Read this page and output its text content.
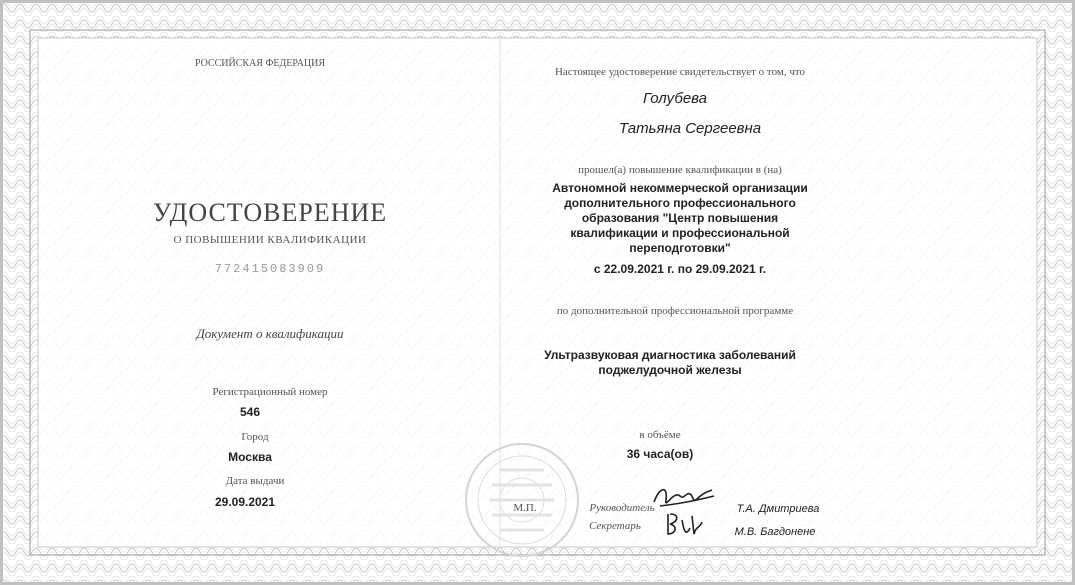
РОССИЙСКАЯ ФЕДЕРАЦИЯ
УДОСТОВЕРЕНИЕ
О ПОВЫШЕНИИ КВАЛИФИКАЦИИ
772415083909
Документ о квалификации
Регистрационный номер
546
Город
Москва
Дата выдачи
29.09.2021
Настоящее удостоверение свидетельствует о том, что
Голубева
Татьяна Сергеевна
прошел(а) повышение квалификации в (на)
Автономной некоммерческой организации
дополнительного профессионального
образования "Центр повышения
квалификации и профессиональной
переподготовки"
с 22.09.2021 г. по 29.09.2021 г.
по дополнительной профессиональной программе
Ультразвуковая диагностика заболеваний
поджелудочной железы
в объёме
36 часа(ов)
М.П.	Руководитель
Секретарь
Т.А. Дмитриева
М.В. Багдонене
